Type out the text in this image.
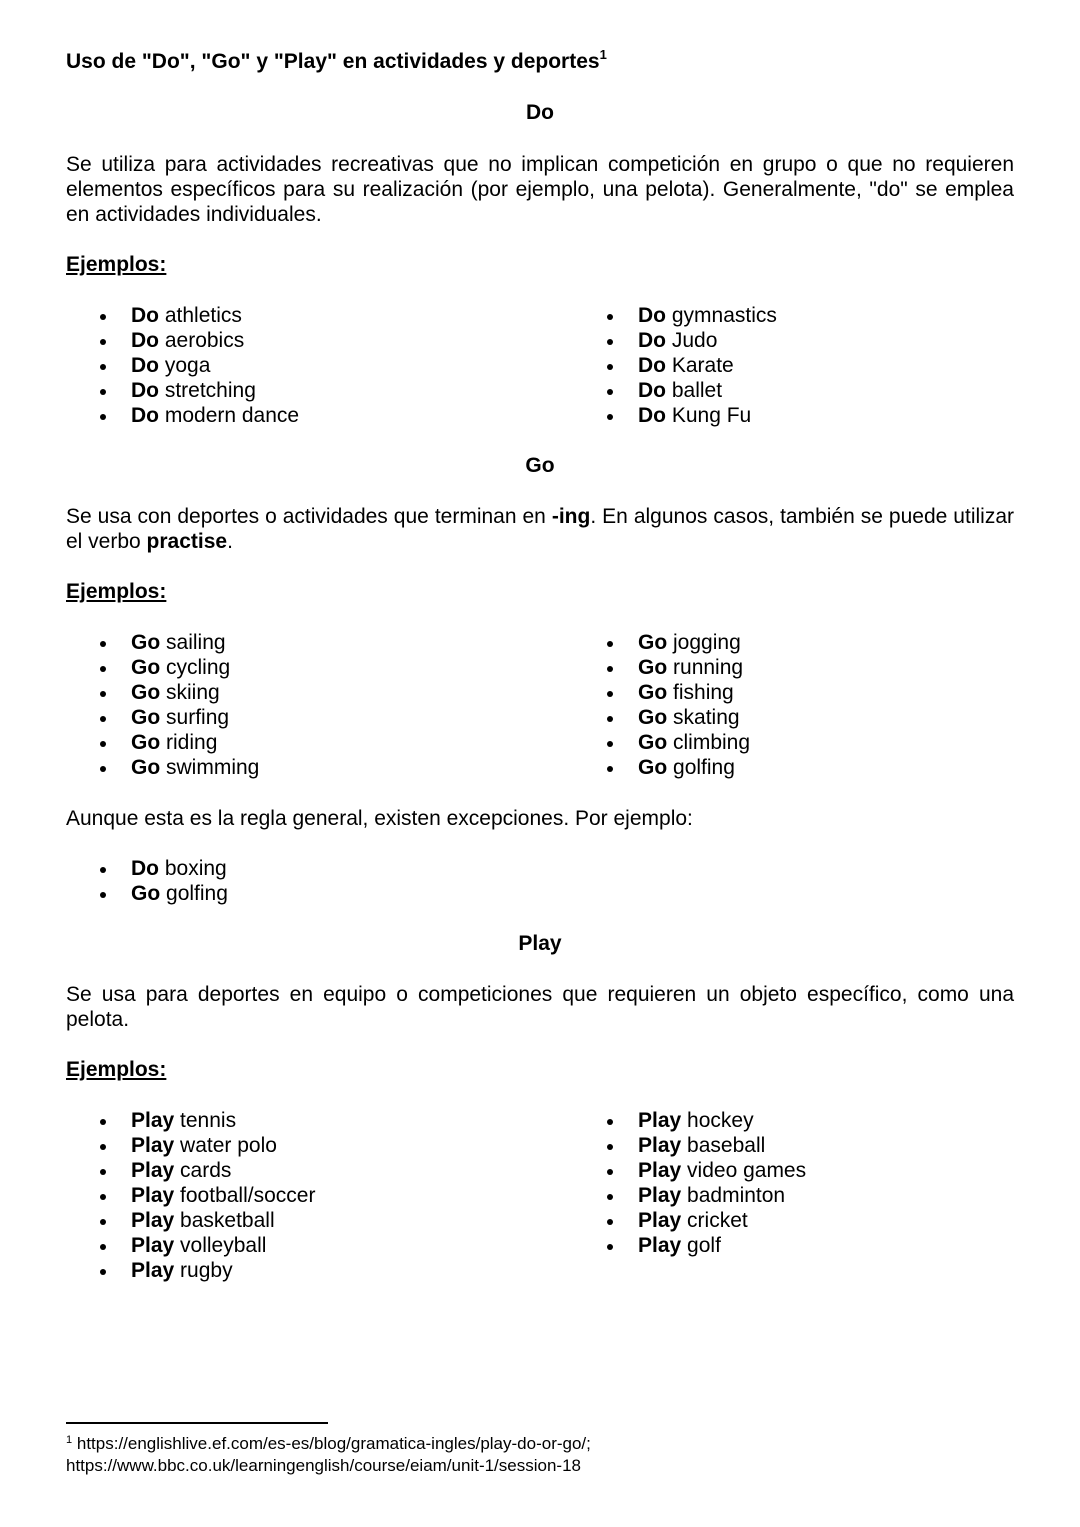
Uso de "Do", "Go" y "Play" en actividades y deportes$^1$
Do

Se utiliza para actividades recreativas que no implican competición en grupo o que no requieren elementos específicos para su realización (por ejemplo, una pelota). Generalmente, "do" se emplea en actividades individuales.

Ejemplos:
Do athletics
Do aerobics
Do yoga
Do stretching
Do modern dance
Do gymnastics
Do Judo
Do Karate
Do ballet
Do Kung Fu
Go

Se usa con deportes o actividades que terminan en -ing. En algunos casos, también se puede utilizar el verbo practise.

Ejemplos:
Go sailing
Go cycling
Go skiing
Go surfing
Go riding
Go swimming
Go jogging
Go running
Go fishing
Go skating
Go climbing
Go golfing

Aunque esta es la regla general, existen excepciones. Por ejemplo:

Do boxing
Go golfing
Play

Se usa para deportes en equipo o competiciones que requieren un objeto específico, como una pelota.

Ejemplos:
Play tennis
Play water polo
Play cards
Play football/soccer
Play basketball
Play volleyball
Play rugby
Play hockey
Play baseball
Play video games
Play badminton
Play cricket
Play golf
$^1$ https://englishlive.ef.com/es-es/blog/gramatica-ingles/play-do-or-go/;
https://www.bbc.co.uk/learningenglish/course/eiam/unit-1/session-18
